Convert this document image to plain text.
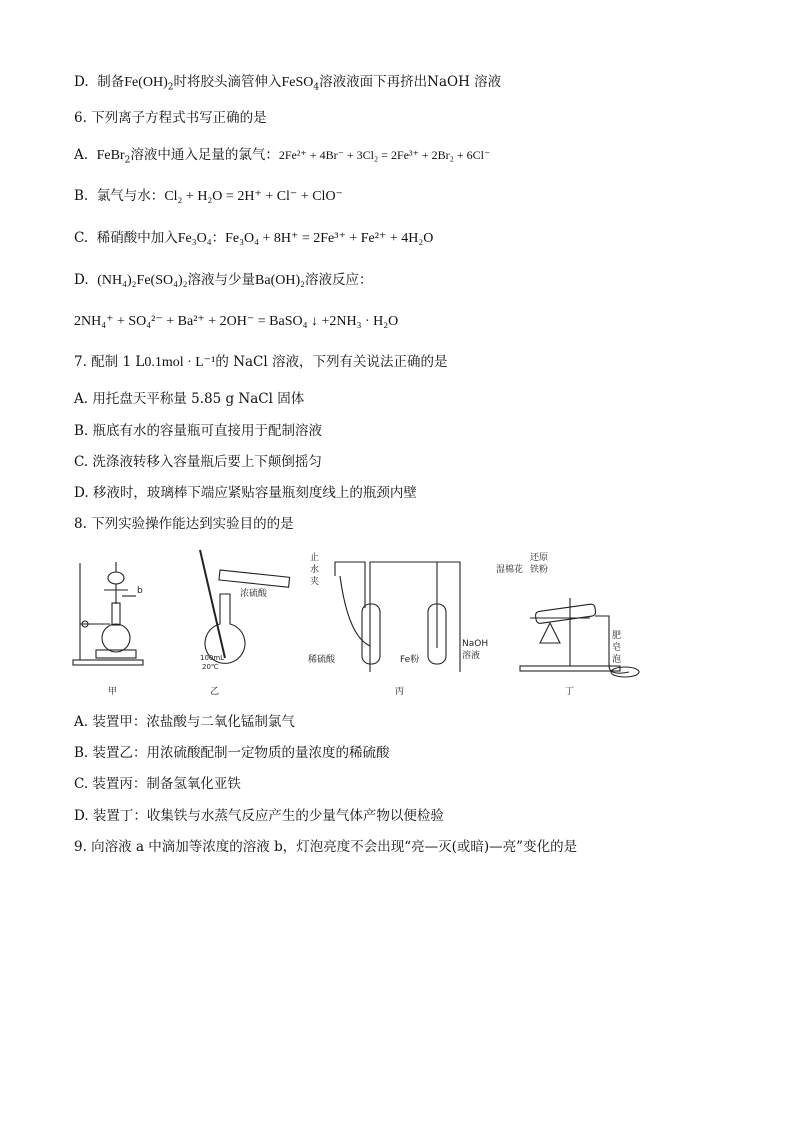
D. 制备$Fe(OH)_2$时将胶头滴管伸入FeSO$_4$溶液液面下再挤出NaOH 溶液
6. 下列离子方程式书写正确的是
A. FeBr$_2$溶液中通入足量的氯气：2Fe²⁺ + 4Br⁻ + 3Cl₂ = 2Fe³⁺ + 2Br₂ + 6Cl⁻
B. 氯气与水：Cl₂ + H₂O = 2H⁺ + Cl⁻ + ClO⁻
C. 稀硝酸中加入Fe₃O₄：Fe₃O₄ + 8H⁺ = 2Fe³⁺ + Fe²⁺ + 4H₂O
D. (NH₄)₂Fe(SO₄)₂溶液与少量Ba(OH)₂溶液反应：
2NH₄⁺ + SO₄²⁻ + Ba²⁺ + 2OH⁻ = BaSO₄ ↓ +2NH₃ · H₂O
7. 配制 1 L0.1mol · L⁻¹的 NaCl 溶液，下列有关说法正确的是
A. 用托盘天平称量 5.85 g NaCl 固体
B. 瓶底有水的容量瓶可直接用于配制溶液
C. 洗涤液转移入容量瓶后要上下颠倒摇匀
D. 移液时，玻璃棒下端应紧贴容量瓶刻度线上的瓶颈内壁
8. 下列实验操作能达到实验目的的是
b
甲
浓硫酸
100mL
20℃
乙
止
水
夹
稀硫酸	Fe粉
NaOH
溶液
丙
还原
湿棉花 铁粉
肥
皂
泡
丁
A. 装置甲：浓盐酸与二氧化锰制氯气
B. 装置乙：用浓硫酸配制一定物质的量浓度的稀硫酸
C. 装置丙：制备氢氧化亚铁
D. 装置丁：收集铁与水蒸气反应产生的少量气体产物以便检验
9. 向溶液 a 中滴加等浓度的溶液 b，灯泡亮度不会出现“亮—灭(或暗)—亮”变化的是
